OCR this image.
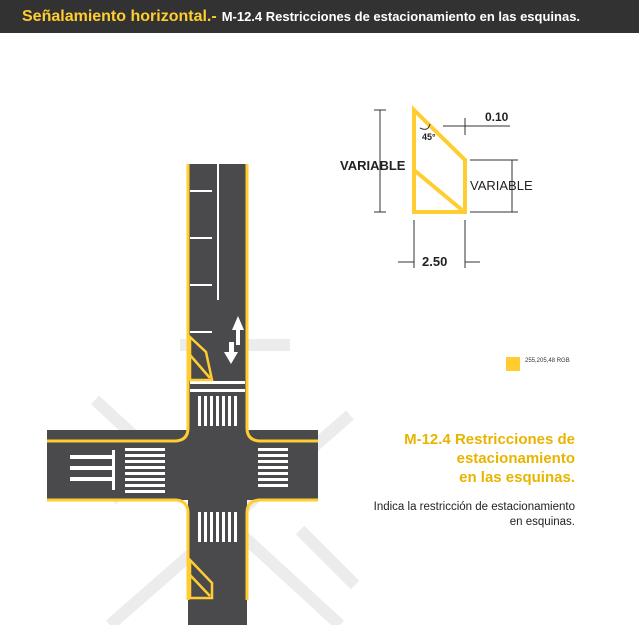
Señalamiento horizontal.- M-12.4 Restricciones de estacionamiento en las esquinas.
45°
0.10
VARIABLE
VARIABLE
2.50
255,205,48 RGB
M-12.4 Restricciones de
estacionamiento
en las esquinas.
Indica la restricción de estacionamiento
en esquinas.
